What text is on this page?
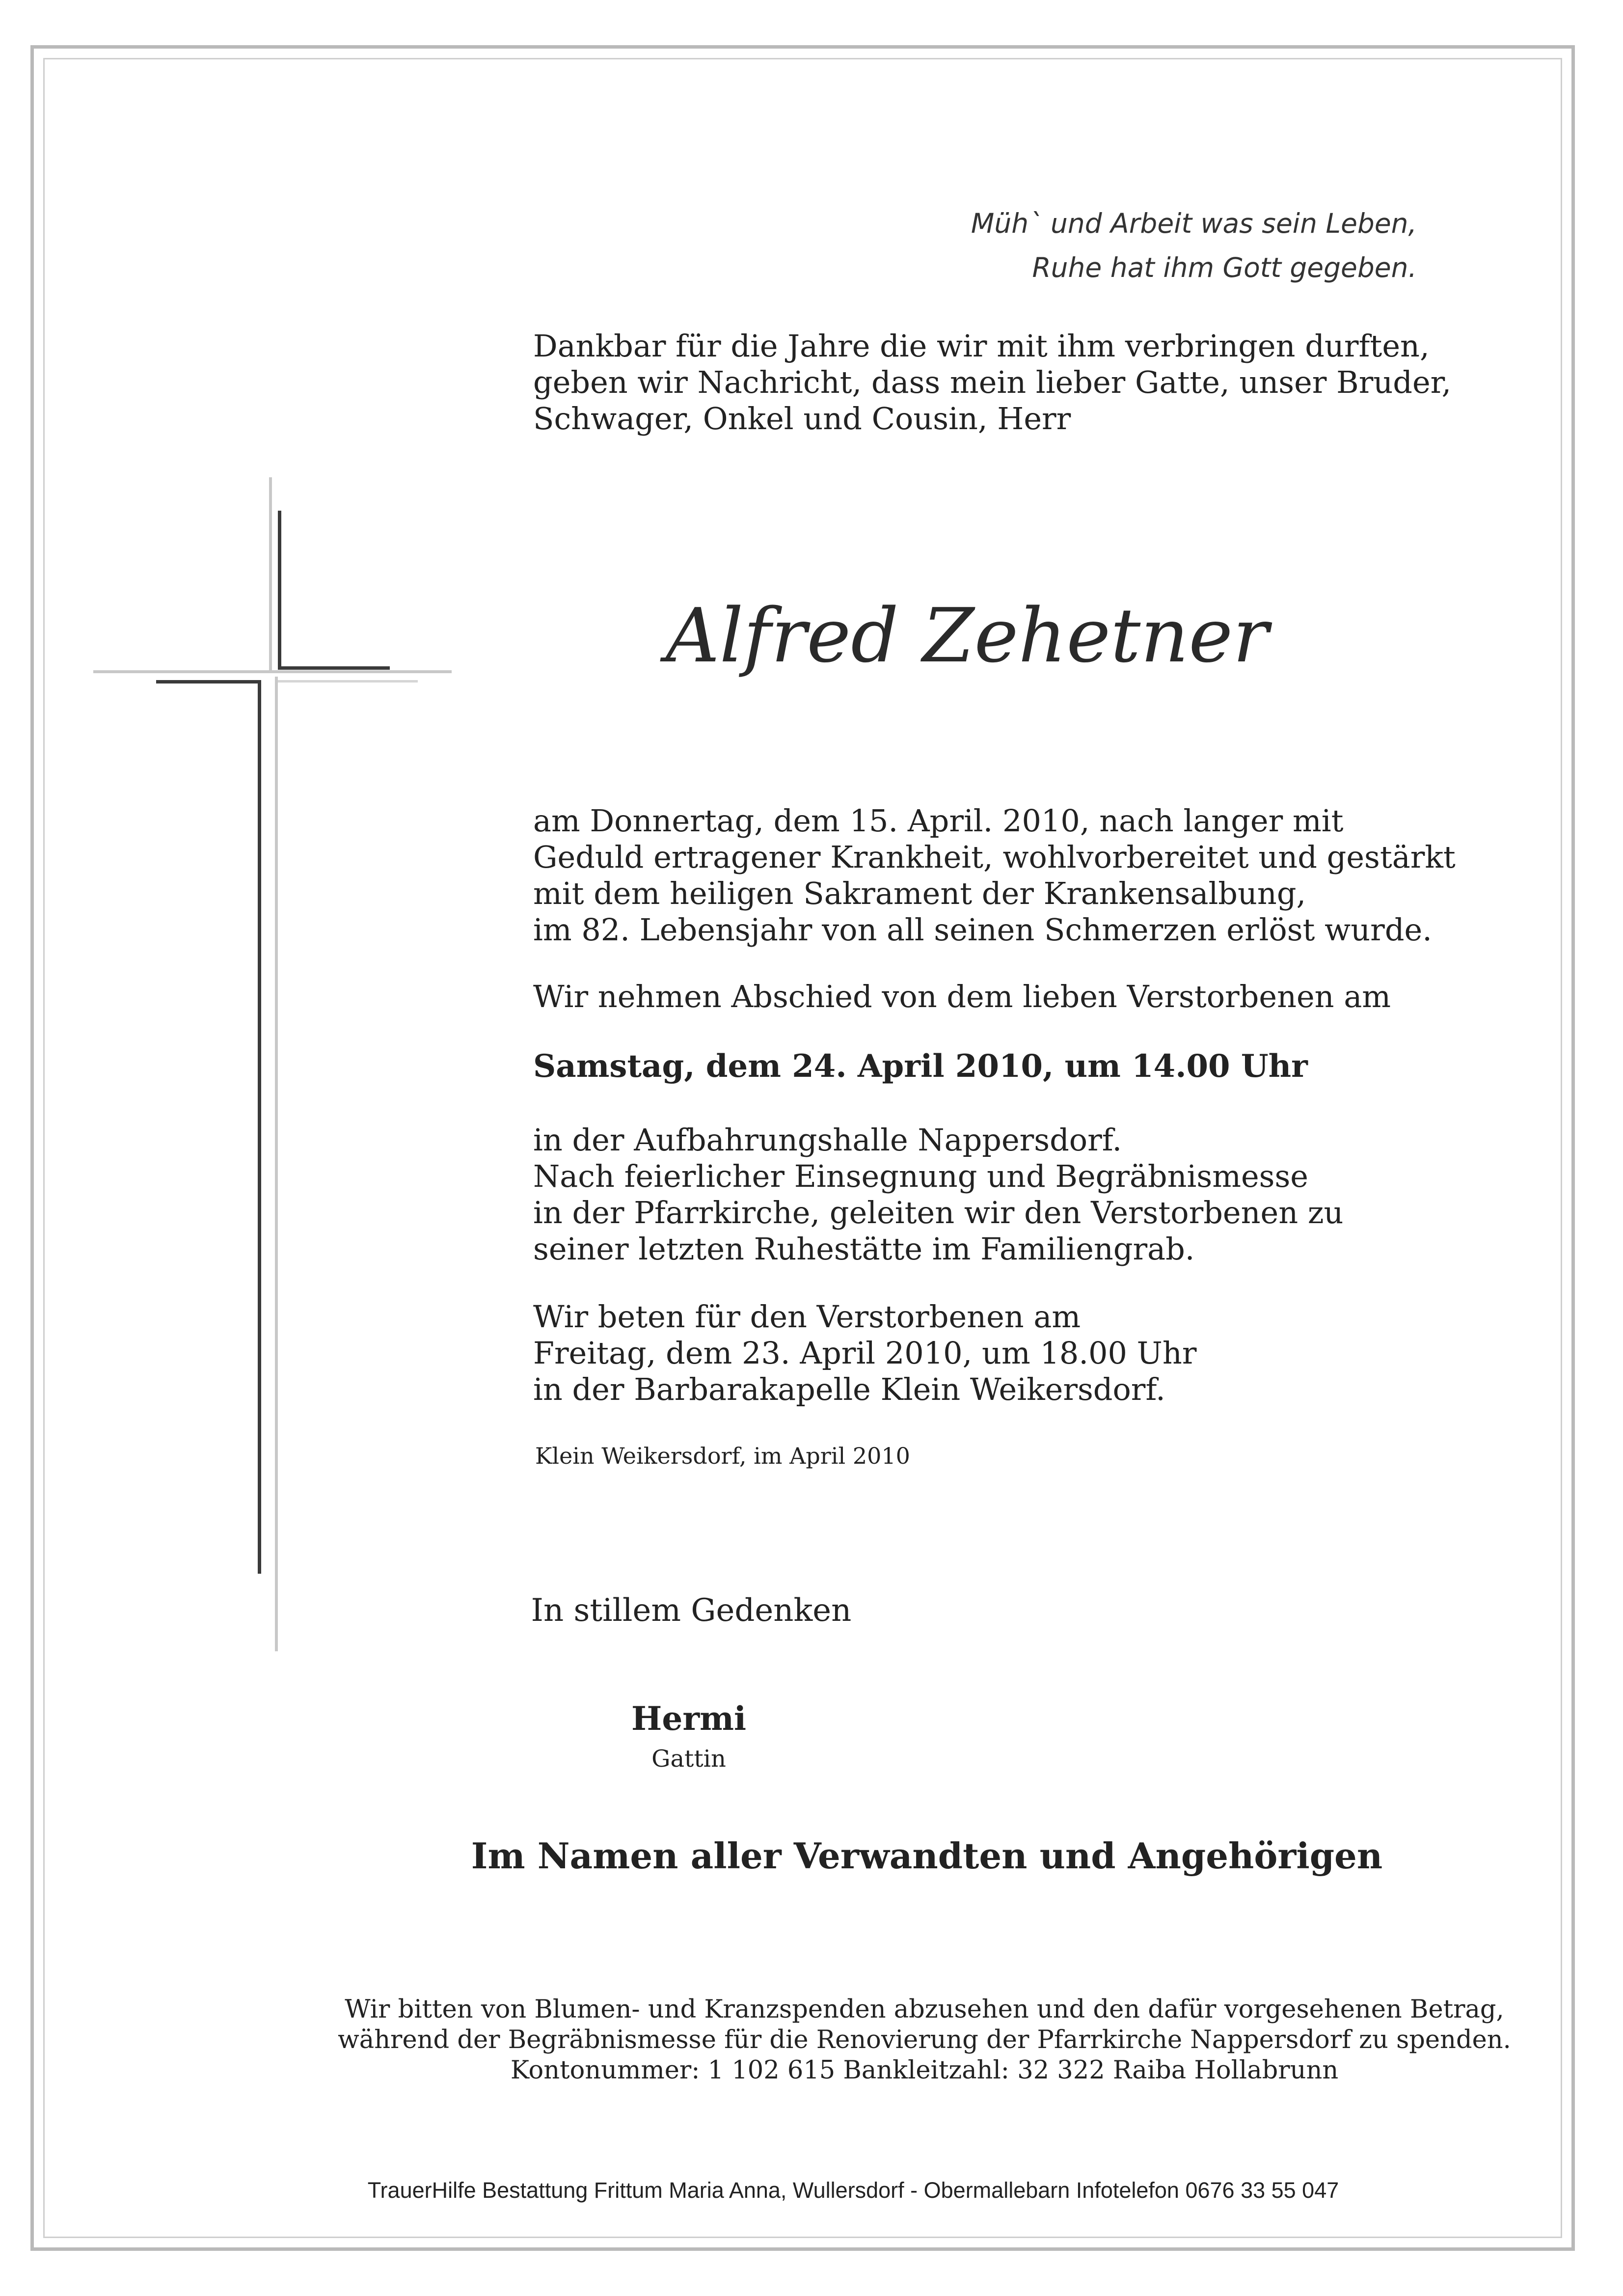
Müh` und Arbeit was sein Leben,
Ruhe hat ihm Gott gegeben.
Dankbar für die Jahre die wir mit ihm verbringen durften,
geben wir Nachricht, dass mein lieber Gatte, unser Bruder,
Schwager, Onkel und Cousin, Herr
Alfred Zehetner
am Donnertag, dem 15. April. 2010, nach langer mit
Geduld ertragener Krankheit, wohlvorbereitet und gestärkt
mit dem heiligen Sakrament der Krankensalbung,
im 82. Lebensjahr von all seinen Schmerzen erlöst wurde.
Wir nehmen Abschied von dem lieben Verstorbenen am
Samstag, dem 24. April 2010, um 14.00 Uhr
in der Aufbahrungshalle Nappersdorf.
Nach feierlicher Einsegnung und Begräbnismesse
in der Pfarrkirche, geleiten wir den Verstorbenen zu
seiner letzten Ruhestätte im Familiengrab.
Wir beten für den Verstorbenen am
Freitag, dem 23. April 2010, um 18.00 Uhr
in der Barbarakapelle Klein Weikersdorf.
Klein Weikersdorf, im April 2010
In stillem Gedenken
Hermi
Gattin
Im Namen aller Verwandten und Angehörigen
Wir bitten von Blumen- und Kranzspenden abzusehen und den dafür vorgesehenen Betrag,
während der Begräbnismesse für die Renovierung der Pfarrkirche Nappersdorf zu spenden.
Kontonummer: 1 102 615 Bankleitzahl: 32 322 Raiba Hollabrunn
TrauerHilfe Bestattung Frittum Maria Anna, Wullersdorf - Obermallebarn Infotelefon 0676 33 55 047
